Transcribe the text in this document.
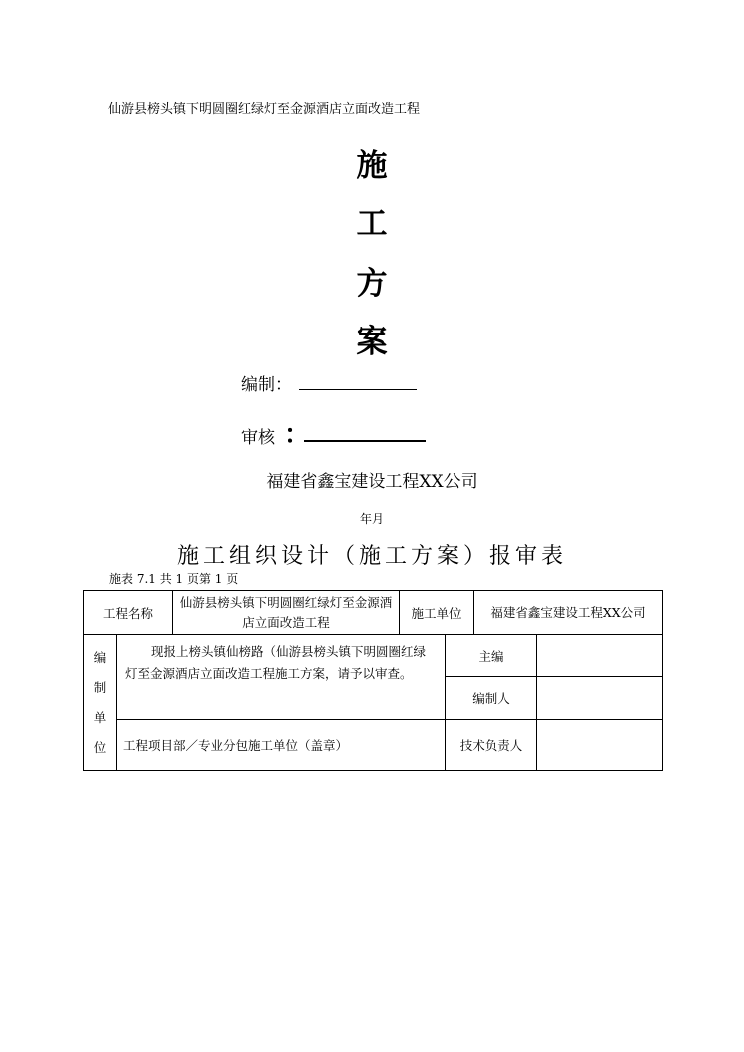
仙游县榜头镇下明圆圈红绿灯至金源酒店立面改造工程
施
工
方
案
编制：
审核 ：
福建省鑫宝建设工程XX公司
年月
施工组织设计（施工方案）报审表
施表 7.1 共 1 页第 1 页
工程名称		仙游县榜头镇下明圆圈红绿灯至金源酒店立面改造工程	施工单位		福建省鑫宝建设工程XX公司	

编
制
单
位	现报上榜头镇仙榜路（仙游县榜头镇下明圆圈红绿灯至金源酒店立面改造工程施工方案，请予以审查。			主编		
				编制人		
	工程项目部／专业分包施工单位（盖章）			技术负责人		
